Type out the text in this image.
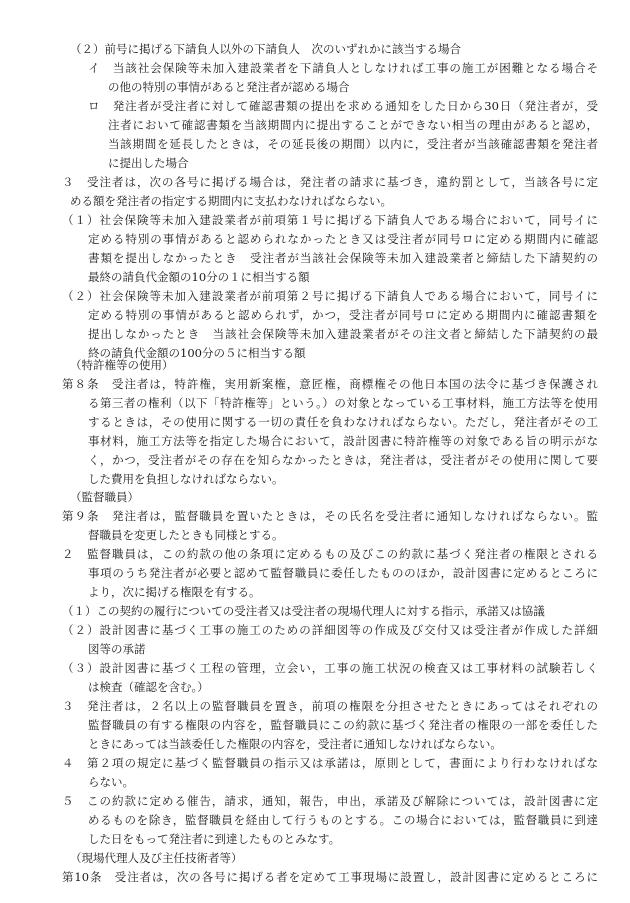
（２）前号に掲げる下請負人以外の下請負人　次のいずれかに該当する場合
イ　当該社会保険等未加入建設業者を下請負人としなければ工事の施工が困難となる場合そ
の他の特別の事情があると発注者が認める場合
ロ　発注者が受注者に対して確認書類の提出を求める通知をした日から30日（発注者が，受
注者において確認書類を当該期間内に提出することができない相当の理由があると認め，
当該期間を延長したときは，その延長後の期間）以内に，受注者が当該確認書類を発注者
に提出した場合
３　受注者は，次の各号に掲げる場合は，発注者の請求に基づき，違約罰として，当該各号に定
める額を発注者の指定する期間内に支払わなければならない。
（１）社会保険等未加入建設業者が前項第１号に掲げる下請負人である場合において，同号イに
定める特別の事情があると認められなかったとき又は受注者が同号ロに定める期間内に確認
書類を提出しなかったとき　受注者が当該社会保険等未加入建設業者と締結した下請契約の
最終の請負代金額の10分の１に相当する額
（２）社会保険等未加入建設業者が前項第２号に掲げる下請負人である場合において，同号イに
定める特別の事情があると認められず，かつ，受注者が同号ロに定める期間内に確認書類を
提出しなかったとき　当該社会保険等未加入建設業者がその注文者と締結した下請契約の最
終の請負代金額の100分の５に相当する額
（特許権等の使用）
第８条　受注者は，特許権，実用新案権，意匠権，商標権その他日本国の法令に基づき保護され
る第三者の権利（以下「特許権等」という。）の対象となっている工事材料，施工方法等を使用
するときは，その使用に関する一切の責任を負わなければならない。ただし，発注者がその工
事材料，施工方法等を指定した場合において，設計図書に特許権等の対象である旨の明示がな
く，かつ，受注者がその存在を知らなかったときは，発注者は，受注者がその使用に関して要
した費用を負担しなければならない。
（監督職員）
第９条　発注者は，監督職員を置いたときは，その氏名を受注者に通知しなければならない。監
督職員を変更したときも同様とする。
２　監督職員は，この約款の他の条項に定めるもの及びこの約款に基づく発注者の権限とされる
事項のうち発注者が必要と認めて監督職員に委任したもののほか，設計図書に定めるところに
より，次に掲げる権限を有する。
（１）この契約の履行についての受注者又は受注者の現場代理人に対する指示，承諾又は協議
（２）設計図書に基づく工事の施工のための詳細図等の作成及び交付又は受注者が作成した詳細
図等の承諾
（３）設計図書に基づく工程の管理，立会い，工事の施工状況の検査又は工事材料の試験若しく
は検査（確認を含む。）
３　発注者は，２名以上の監督職員を置き，前項の権限を分担させたときにあってはそれぞれの
監督職員の有する権限の内容を，監督職員にこの約款に基づく発注者の権限の一部を委任した
ときにあっては当該委任した権限の内容を，受注者に通知しなければならない。
４　第２項の規定に基づく監督職員の指示又は承諾は，原則として，書面により行わなければな
らない。
５　この約款に定める催告，請求，通知，報告，申出，承諾及び解除については，設計図書に定
めるものを除き，監督職員を経由して行うものとする。この場合においては，監督職員に到達
した日をもって発注者に到達したものとみなす。
（現場代理人及び主任技術者等）
第10条　受注者は，次の各号に掲げる者を定めて工事現場に設置し，設計図書に定めるところに
